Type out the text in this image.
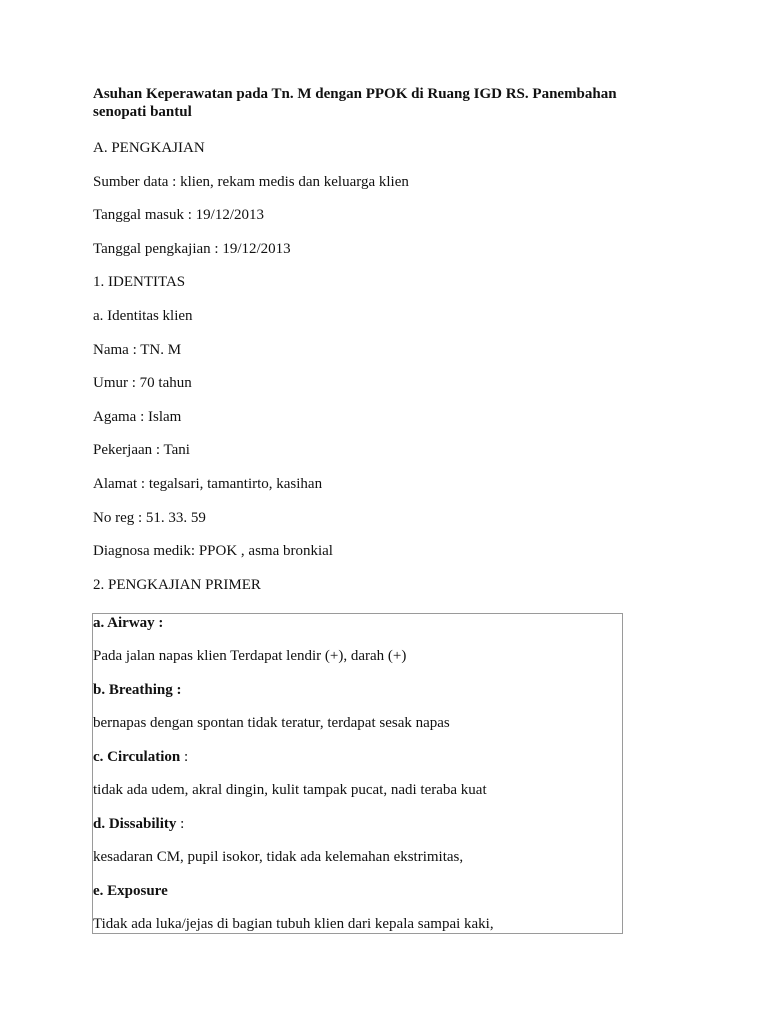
Asuhan Keperawatan pada Tn. M dengan PPOK di Ruang IGD RS. Panembahan senopati bantul
A. PENGKAJIAN
Sumber data : klien, rekam medis dan keluarga klien
Tanggal masuk : 19/12/2013
Tanggal pengkajian : 19/12/2013
1. IDENTITAS
a. Identitas klien
Nama : TN. M
Umur : 70 tahun
Agama : Islam
Pekerjaan : Tani
Alamat : tegalsari, tamantirto, kasihan
No reg : 51. 33. 59
Diagnosa medik: PPOK , asma bronkial
2. PENGKAJIAN PRIMER
a. Airway :
Pada jalan napas klien Terdapat lendir (+), darah (+)
b. Breathing :
bernapas dengan spontan tidak teratur, terdapat sesak napas
c. Circulation :
tidak ada udem, akral dingin, kulit tampak pucat, nadi teraba kuat
d. Dissability :
kesadaran CM, pupil isokor, tidak ada kelemahan ekstrimitas,
e. Exposure
Tidak ada luka/jejas di bagian tubuh klien dari kepala sampai kaki,
